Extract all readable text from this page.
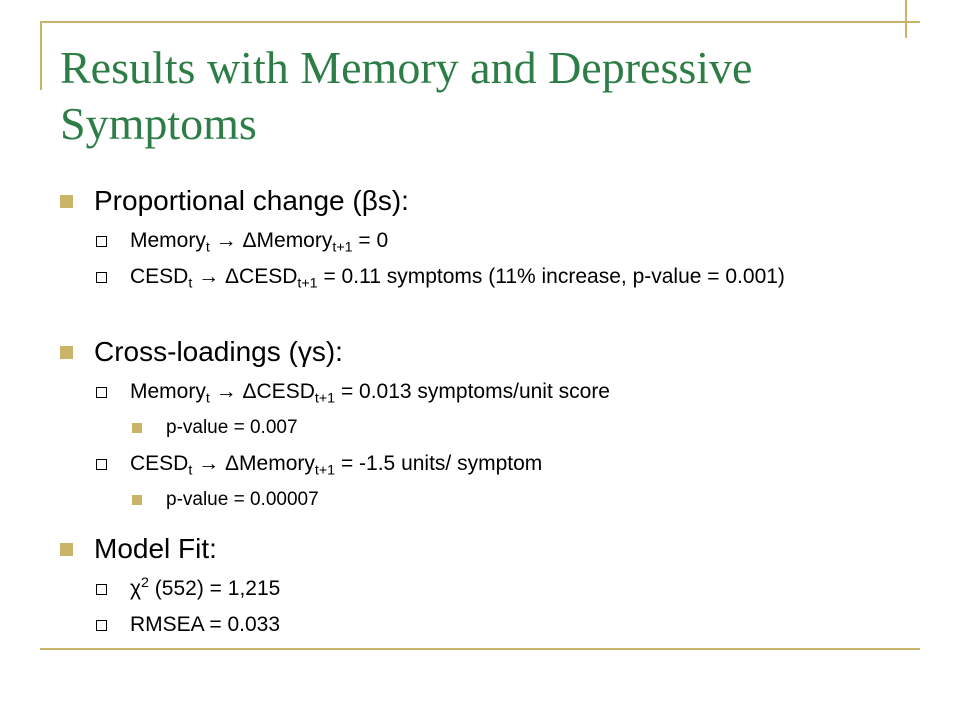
Results with Memory and Depressive Symptoms
Proportional change (βs):
Memory$_t$ → ΔMemory$_{t+1}$ = 0
$CESD_t$ → $\Delta CESD_{t+1} = 0.11$ symptoms (11% increase, p-value = 0.001)
Cross-loadings (γs):
Memory$_t$ → $\Delta CESD_{t+1} = 0.013$ symptoms/unit score
p-value = 0.007
$CESD_t$ → ΔMemory$_{t+1}$ = -1.5 units/ symptom
p-value = 0.00007
Model Fit:
$\chi^2$ (552) = 1,215
RMSEA = 0.033
